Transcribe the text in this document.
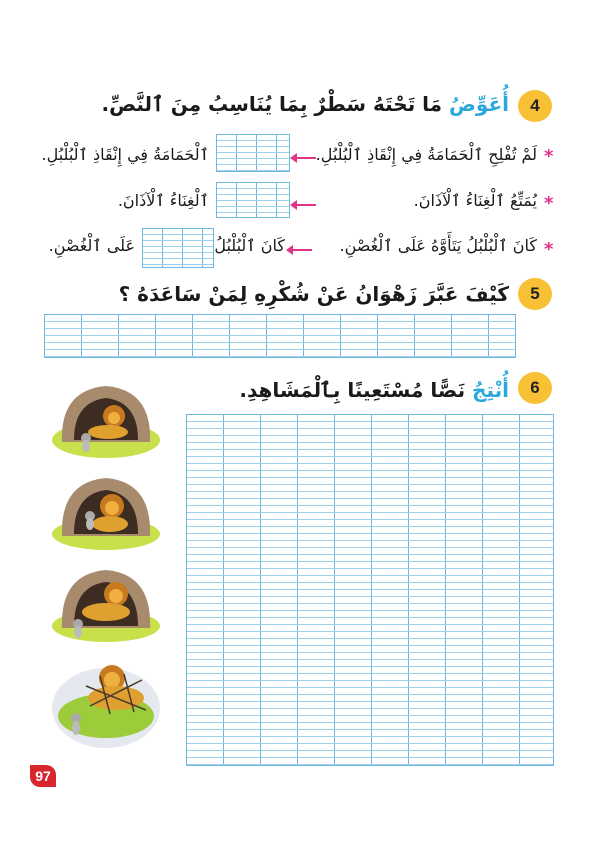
4
أُعَوِّضُ مَا تَحْتَهُ سَطْرٌ بِمَا يُنَاسِبُ مِنَ ٱلنَّصِّ.
*
لَمْ تُفْلِحِ ٱلْحَمَامَةُ فِي إِنْقَاذِ ٱلْبُلْبُلِ.
ٱلْحَمَامَةُ فِي إِنْقَاذِ ٱلْبُلْبُلِ.
*
يُمَتِّعُ ٱلْغِنَاءُ ٱلْآذَانَ.
ٱلْغِنَاءُ ٱلْآذَانَ.
*
كَانَ ٱلْبُلْبُلُ يَتَأَوَّهُ عَلَى ٱلْغُصْنِ.
كَانَ ٱلْبُلْبُلُ
عَلَى ٱلْغُصْنِ.
5
كَيْفَ عَبَّرَ زَهْوَانُ عَنْ شُكْرِهِ لِمَنْ سَاعَدَهُ ؟
6
أُنْتِجُ نَصًّا مُسْتَعِينًا بِٱلْمَشَاهِدِ.
97
